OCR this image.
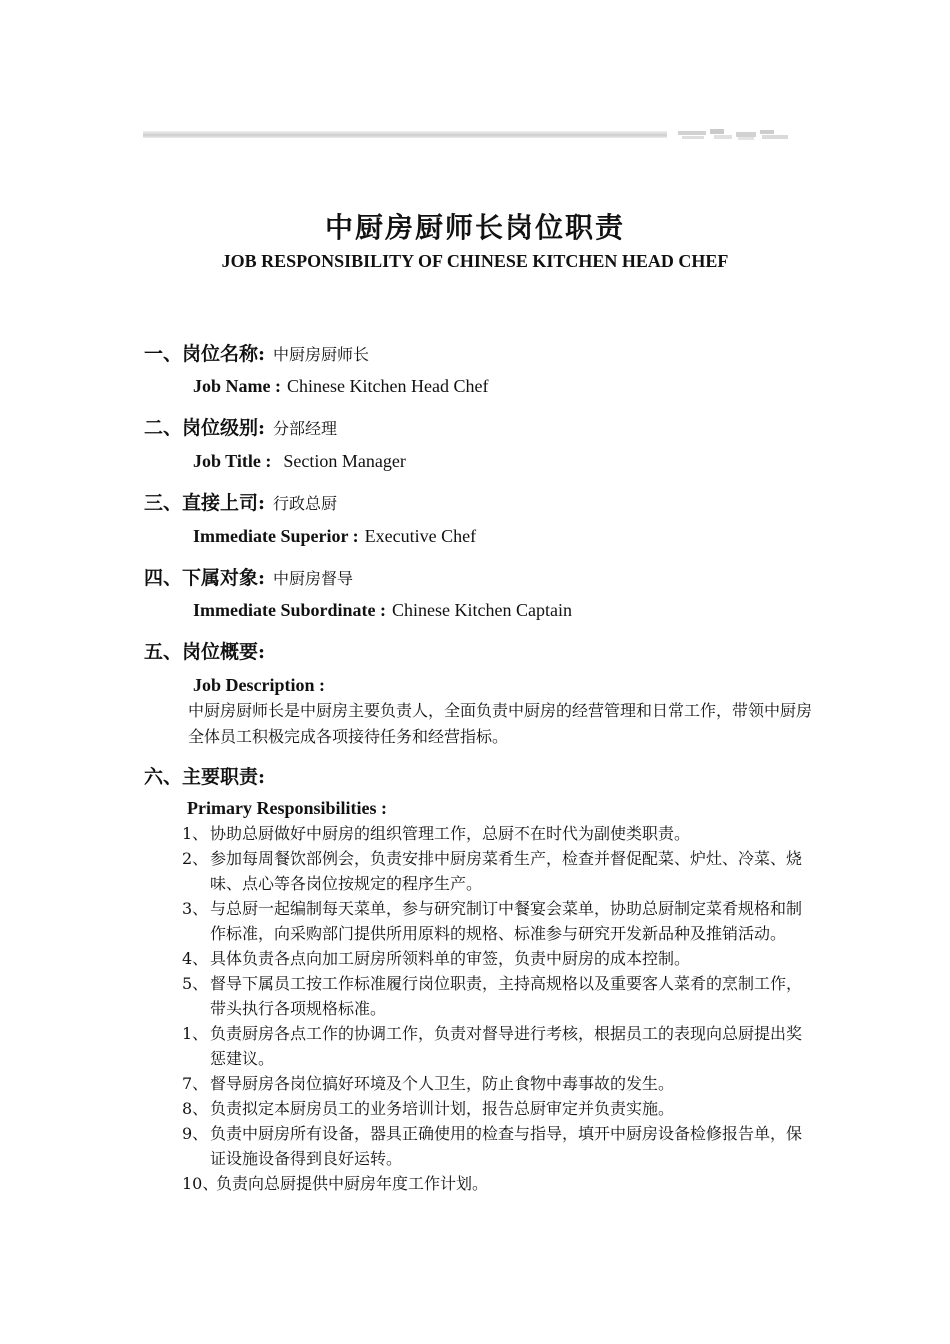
中厨房厨师长岗位职责
JOB RESPONSIBILITY OF CHINESE KITCHEN HEAD CHEF
一、岗位名称: 中厨房厨师长
Job Name : Chinese Kitchen Head Chef
二、岗位级别: 分部经理
Job Title : Section Manager
三、直接上司: 行政总厨
Immediate Superior : Executive Chef
四、下属对象: 中厨房督导
Immediate Subordinate : Chinese Kitchen Captain
五、岗位概要:
Job Description :
中厨房厨师长是中厨房主要负责人，全面负责中厨房的经营管理和日常工作，带领中厨房全体员工积极完成各项接待任务和经营指标。
六、主要职责:
Primary Responsibilities :
1、 协助总厨做好中厨房的组织管理工作，总厨不在时代为副使类职责。
2、 参加每周餐饮部例会，负责安排中厨房菜肴生产，检查并督促配菜、炉灶、冷菜、烧味、点心等各岗位按规定的程序生产。
3、 与总厨一起编制每天菜单，参与研究制订中餐宴会菜单，协助总厨制定菜肴规格和制作标准，向采购部门提供所用原料的规格、标准参与研究开发新品种及推销活动。
4、 具体负责各点向加工厨房所领料单的审签，负责中厨房的成本控制。
5、 督导下属员工按工作标准履行岗位职责，主持高规格以及重要客人菜肴的烹制工作，带头执行各项规格标准。
1、 负责厨房各点工作的协调工作，负责对督导进行考核，根据员工的表现向总厨提出奖惩建议。
7、 督导厨房各岗位搞好环境及个人卫生，防止食物中毒事故的发生。
8、 负责拟定本厨房员工的业务培训计划，报告总厨审定并负责实施。
9、 负责中厨房所有设备，器具正确使用的检查与指导，填开中厨房设备检修报告单，保证设施设备得到良好运转。
10、
负责向总厨提供中厨房年度工作计划。
